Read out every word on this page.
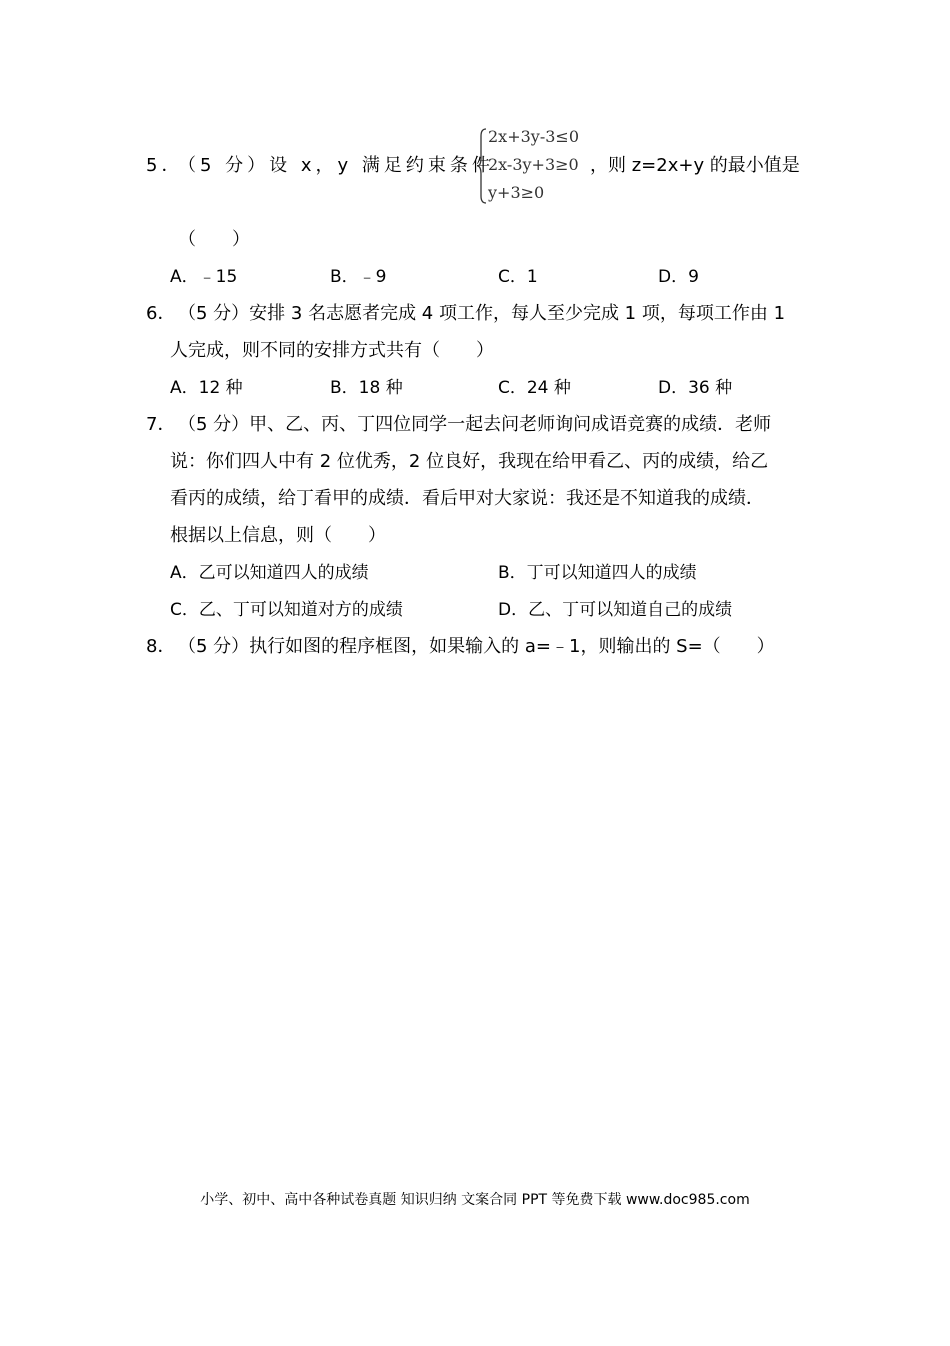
5．
（5 分）设 x，y 满足约束条件
2x+3y-3≤0
2x-3y+3≥0
y+3≥0
，则 z=2x+y 的最小值是
（　　）
A．﹣15	B．﹣9	C．1	D．9
6． （5 分）安排 3 名志愿者完成 4 项工作，每人至少完成 1 项，每项工作由 1
人完成，则不同的安排方式共有（　　）
A．12 种	B．18 种	C．24 种	D．36 种
7． （5 分）甲、乙、丙、丁四位同学一起去问老师询问成语竞赛的成绩．老师
说：你们四人中有 2 位优秀，2 位良好，我现在给甲看乙、丙的成绩，给乙
看丙的成绩，给丁看甲的成绩．看后甲对大家说：我还是不知道我的成绩．
根据以上信息，则（　　）
A．乙可以知道四人的成绩	B．丁可以知道四人的成绩
C．乙、丁可以知道对方的成绩	D．乙、丁可以知道自己的成绩
8． （5 分）执行如图的程序框图，如果输入的 a=﹣1，则输出的 S=（　　）
小学、初中、高中各种试卷真题 知识归纳 文案合同 PPT 等免费下载 www.doc985.com
